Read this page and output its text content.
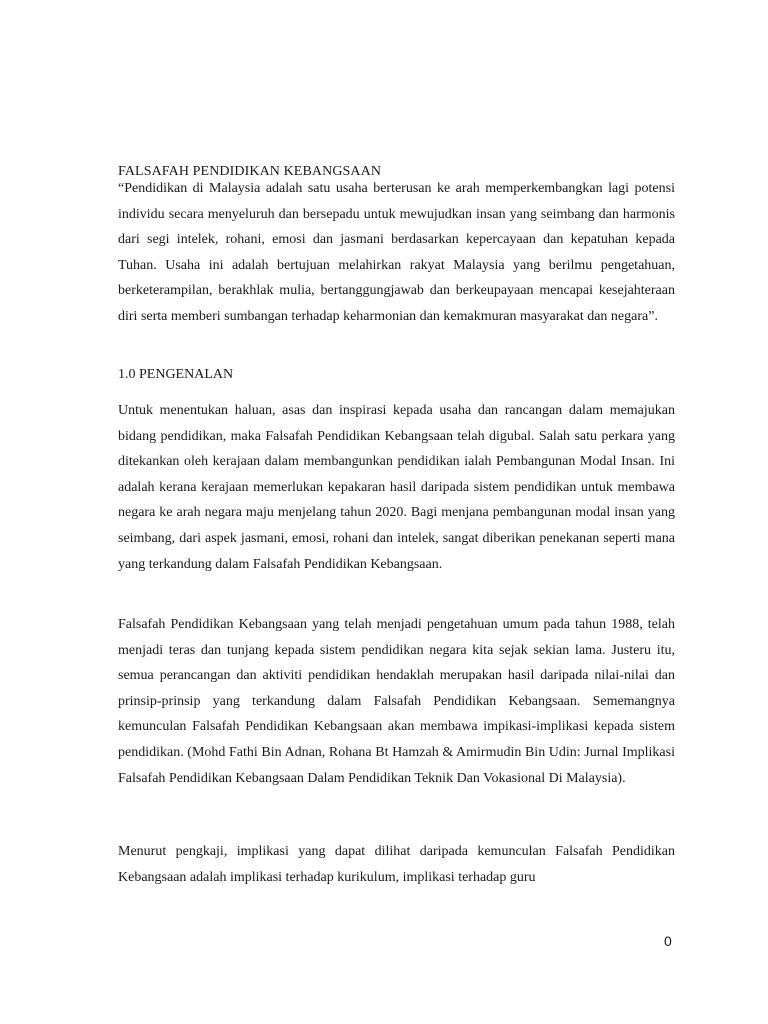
FALSAFAH PENDIDIKAN KEBANGSAAN

“Pendidikan di Malaysia adalah satu usaha berterusan ke arah memperkembangkan lagi potensi individu secara menyeluruh dan bersepadu untuk mewujudkan insan yang seimbang dan harmonis dari segi intelek, rohani, emosi dan jasmani berdasarkan kepercayaan dan kepatuhan kepada Tuhan. Usaha ini adalah bertujuan melahirkan rakyat Malaysia yang berilmu pengetahuan, berketerampilan, berakhlak mulia, bertanggungjawab dan berkeupayaan mencapai kesejahteraan diri serta memberi sumbangan terhadap keharmonian dan kemakmuran masyarakat dan negara”.

1.0 PENGENALAN

Untuk menentukan haluan, asas dan inspirasi kepada usaha dan rancangan dalam memajukan bidang pendidikan, maka Falsafah Pendidikan Kebangsaan telah digubal. Salah satu perkara yang ditekankan oleh kerajaan dalam membangunkan pendidikan ialah Pembangunan Modal Insan. Ini adalah kerana kerajaan memerlukan kepakaran hasil daripada sistem pendidikan untuk membawa negara ke arah negara maju menjelang tahun 2020. Bagi menjana pembangunan modal insan yang seimbang, dari aspek jasmani, emosi, rohani dan intelek, sangat diberikan penekanan seperti mana yang terkandung dalam Falsafah Pendidikan Kebangsaan.

Falsafah Pendidikan Kebangsaan yang telah menjadi pengetahuan umum pada tahun 1988, telah menjadi teras dan tunjang kepada sistem pendidikan negara kita sejak sekian lama. Justeru itu, semua perancangan dan aktiviti pendidikan hendaklah merupakan hasil daripada nilai-nilai dan prinsip-prinsip yang terkandung dalam Falsafah Pendidikan Kebangsaan. Sememangnya kemunculan Falsafah Pendidikan Kebangsaan akan membawa impikasi-implikasi kepada sistem pendidikan. (Mohd Fathi Bin Adnan, Rohana Bt Hamzah & Amirmudin Bin Udin: Jurnal Implikasi Falsafah Pendidikan Kebangsaan Dalam Pendidikan Teknik Dan Vokasional Di Malaysia).

Menurut pengkaji, implikasi yang dapat dilihat daripada kemunculan Falsafah Pendidikan Kebangsaan adalah implikasi terhadap kurikulum, implikasi terhadap guru

0
